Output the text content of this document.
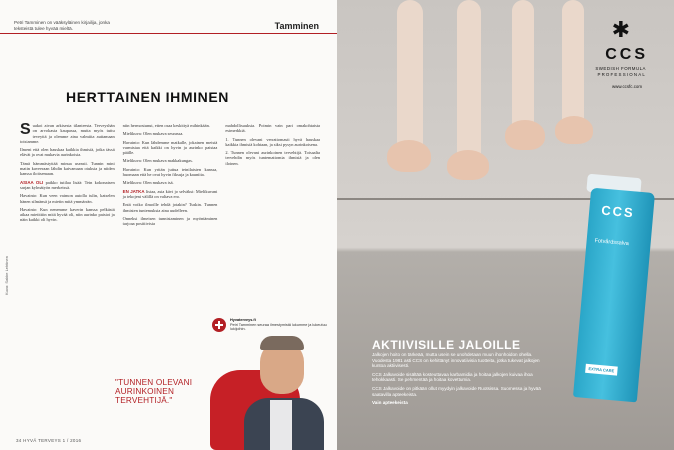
Petri Tamminen on vääksyläinen kirjailija, jonka teksteistä tulee hyvää mieltä.	Tamminen
HERTTAINEN IHMINEN

Suakoi aivan arkisesta tilanteesta. Terveyshän on arvokasta kaupassa, mutta myös tuttu teveyttä ja olemme aina valmiita auttamaan toisiamme.

Ilmeni että olen hauskaa kaikkia ihmisiä, jotka tässä elävät ja ovat mukavia aurinkoisia.

Tämä hämmästyttää minua useasti. Tunnin mini matin kaveeraan lähdin kaivamaan otuksia ja niiden kanssa iloitsemaan.

ASIAA OLI paikko tutilaa lisää: Tein kokonaisen sarjan kylmätyön merkeissä.

Havainto: Kun veen vaimon autolla tulin, katselen hänen silmänsä ja mietin mitä ymmärrän.

Havainto: Kun nenemme kaverin kanssa pelkästä aikaa mietittiin mitä hyvää oli, niin aurinko paistoi ja näin kaikki oli hyvin.

niin hermostunut, etten osaa keskittyä mihinkään.

Mielikuva: Olen mukava seurassa.

Havainto: Kun lähdemme matkalle, jokainen meistä varmistaa että kaikki on hyvin ja aurinko paistaa päälle.

Mielikuva: Olen mukava makkakungas.

Havainto: Kun yritän juttua teinilaisten kanssa, huomaan että he ovat hyvin fiksuja ja kauniita.

Mielikuva: Olen mukava isä.

EN JATKA listaa, asia kävi jo selväksi: Mielikuvani ja tekojeni välillä on valtava ero.

Entä voiko ilmoille tehdä jotakin? Tuskin. Tunnen ihmisten tuntemuksia aina uudelleen.

Onneksi ilmeisen tunnistaminen ja myöntäminen tarjoaa positiivisia

mahdollisuuksia. Poimin vain pari omakohtaista esimerkkiä.

1. Tunnen olevani verrattomasti hyvä hauskaa kaikkia ihmisiä kohtaan, ja siksi pysyn aurinkoisena.

2. Tunnen olevani aurinkoinen tervehtijä. Toisaalta tervehdin myös tuntemattomia ihmisiä ja olen iloinen.

Hyvaterveys.fi
Petri Tamminen seuraa ilmestymistä lukumme ja lukeutuu lukijoihin.
"TUNNEN OLEVANI AURINKOINEN TERVEHTIJÄ."
Kuva: Sakke Lehtinen
34 HYVÄ TERVEYS 1 / 2016
✱
CCS
SWEDISH FORMULA
PROFESSIONAL
www.ccsfc.com
CCS
Fotvårdssalva
EXTRA CARE
AKTIIVISILLE JALOILLE

Jalkojen hoito on tärkeää, mutta usein se unohdetaan muun ihonhoidon ohella. Vuodesta 1981 asti CCS on kehittänyt innovatiivisia tuotteita, jotka tukevat jalkojen kuntoa aktiivisesti.

CCS Jalkavoide sisältää kosteuttavaa karbamidia ja hoitaa jalkojen kuivaa ihoa tehokkaasti. Se pehmentää ja hoitaa kovettumia.

CCS Jalkavoide on pitkään ollut myydyin jalkavoide Ruotsissa. Suomessa ja hyvää saatavilla apteekeista.

Vain apteekeista
